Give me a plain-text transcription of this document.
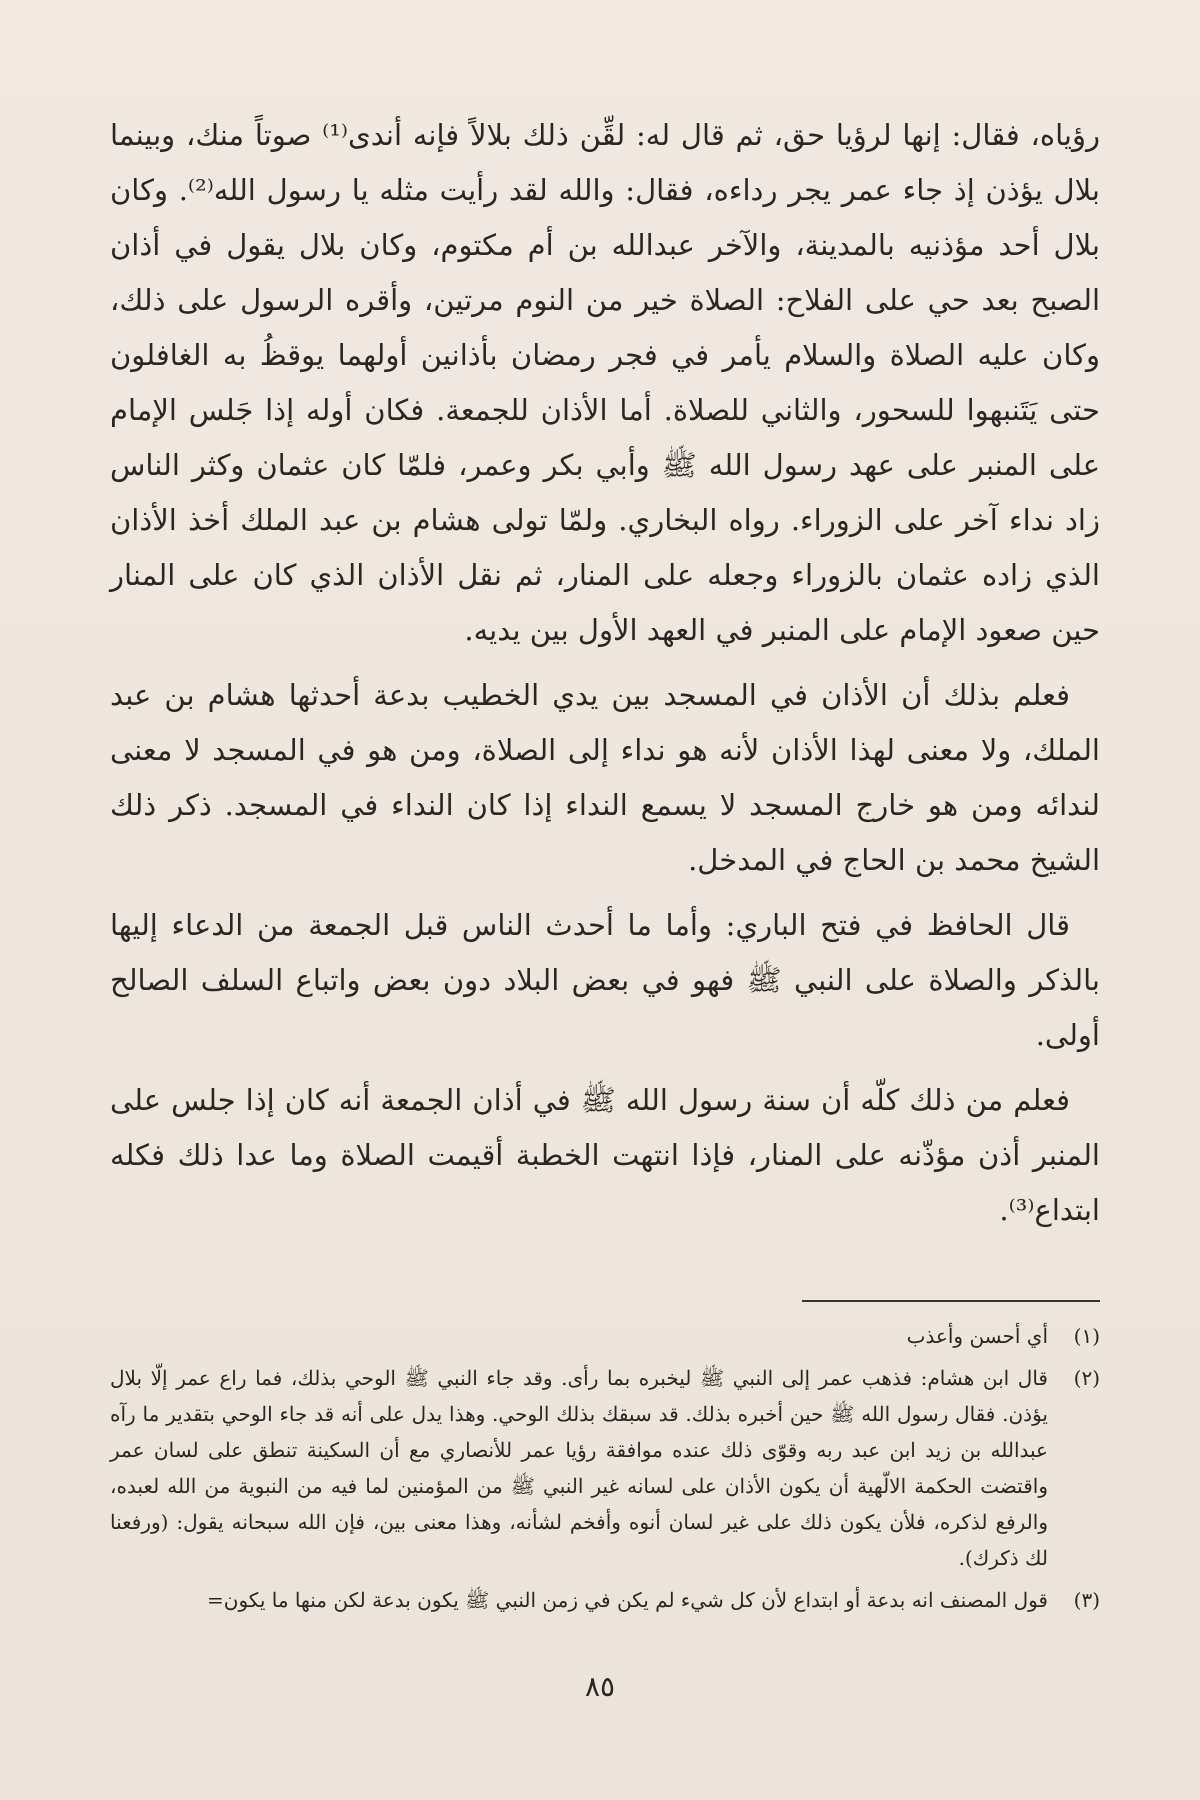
رؤياه، فقال: إنها لرؤيا حق، ثم قال له: لقِّن ذلك بلالاً فإنه أندى⁽¹⁾ صوتاً منك، وبينما بلال يؤذن إذ جاء عمر يجر رداءه، فقال: والله لقد رأيت مثله يا رسول الله⁽²⁾. وكان بلال أحد مؤذنيه بالمدينة، والآخر عبدالله بن أم مكتوم، وكان بلال يقول في أذان الصبح بعد حي على الفلاح: الصلاة خير من النوم مرتين، وأقره الرسول على ذلك، وكان عليه الصلاة والسلام يأمر في فجر رمضان بأذانين أولهما يوقظُ به الغافلون حتى يَتَنبهوا للسحور، والثاني للصلاة. أما الأذان للجمعة. فكان أوله إذا جَلس الإمام على المنبر على عهد رسول الله ﷺ وأبي بكر وعمر، فلمّا كان عثمان وكثر الناس زاد نداء آخر على الزوراء. رواه البخاري. ولمّا تولى هشام بن عبد الملك أخذ الأذان الذي زاده عثمان بالزوراء وجعله على المنار، ثم نقل الأذان الذي كان على المنار حين صعود الإمام على المنبر في العهد الأول بين يديه.

فعلم بذلك أن الأذان في المسجد بين يدي الخطيب بدعة أحدثها هشام بن عبد الملك، ولا معنى لهذا الأذان لأنه هو نداء إلى الصلاة، ومن هو في المسجد لا معنى لندائه ومن هو خارج المسجد لا يسمع النداء إذا كان النداء في المسجد. ذكر ذلك الشيخ محمد بن الحاج في المدخل.

قال الحافظ في فتح الباري: وأما ما أحدث الناس قبل الجمعة من الدعاء إليها بالذكر والصلاة على النبي ﷺ فهو في بعض البلاد دون بعض واتباع السلف الصالح أولى.

فعلم من ذلك كلّه أن سنة رسول الله ﷺ في أذان الجمعة أنه كان إذا جلس على المنبر أذن مؤذّنه على المنار، فإذا انتهت الخطبة أقيمت الصلاة وما عدا ذلك فكله ابتداع⁽³⁾.

(١)
أي أحسن وأعذب
(٢)
قال ابن هشام: فذهب عمر إلى النبي ﷺ ليخبره بما رأى. وقد جاء النبي ﷺ الوحي بذلك، فما راع عمر إلّا بلال يؤذن. فقال رسول الله ﷺ حين أخبره بذلك. قد سبقك بذلك الوحي. وهذا يدل على أنه قد جاء الوحي بتقدير ما رآه عبدالله بن زيد ابن عبد ربه وقوّى ذلك عنده موافقة رؤيا عمر للأنصاري مع أن السكينة تنطق على لسان عمر واقتضت الحكمة الالّهية أن يكون الأذان على لسانه غير النبي ﷺ من المؤمنين لما فيه من النبوية من الله لعبده، والرفع لذكره، فلأن يكون ذلك على غير لسان أنوه وأفخم لشأنه، وهذا معنى بين، فإن الله سبحانه يقول: (ورفعنا لك ذكرك).
(٣)
قول المصنف انه بدعة أو ابتداع لأن كل شيء لم يكن في زمن النبي ﷺ يكون بدعة لكن منها ما يكون=
٨٥
